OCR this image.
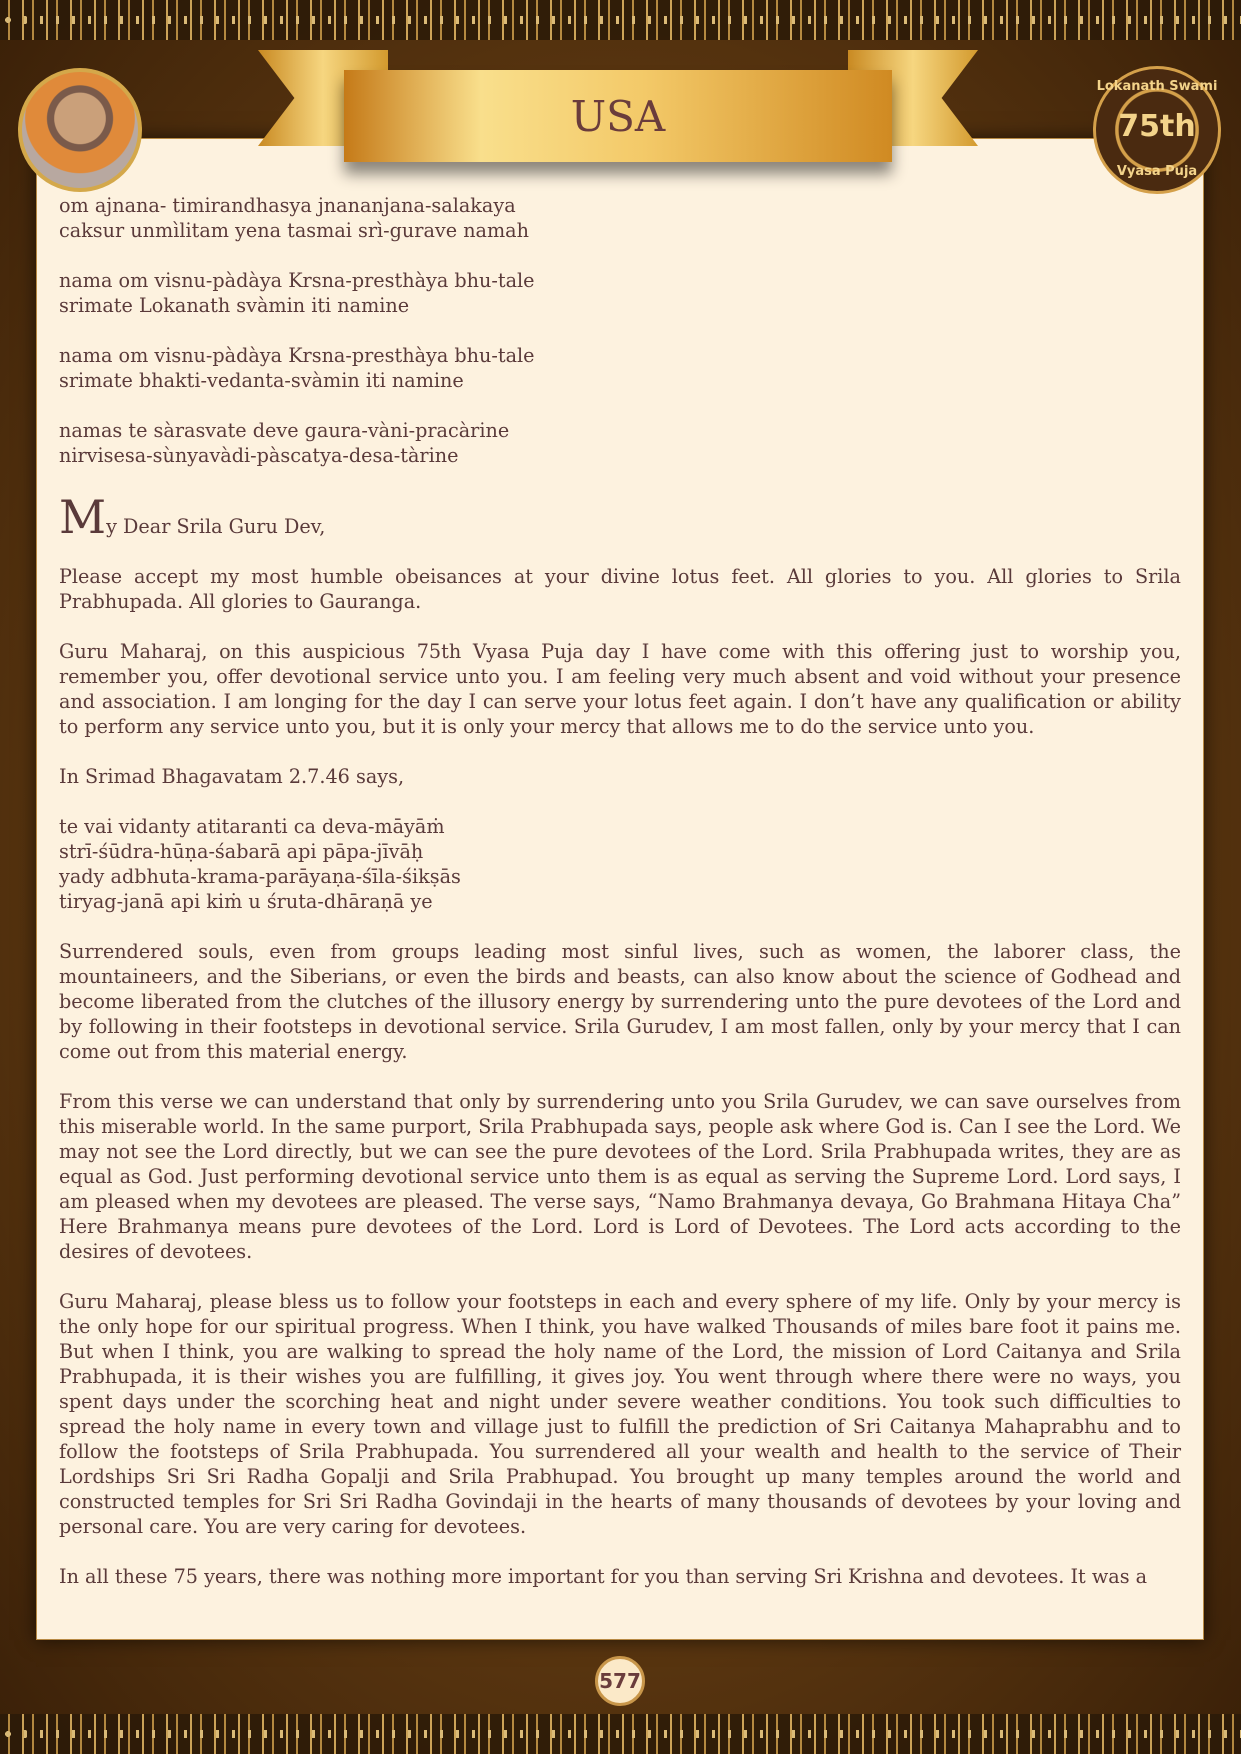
USA
Lokanath Swami
75th
Vyasa Puja
om ajnana- timirandhasya jnananjana-salakaya
caksur unmìlitam yena tasmai srì-gurave namah
nama om visnu-pàdàya Krsna-presthàya bhu-tale
srimate Lokanath svàmin iti namine
nama om visnu-pàdàya Krsna-presthàya bhu-tale
srimate bhakti-vedanta-svàmin iti namine
namas te sàrasvate deve gaura-vàni-pracàrine
nirvisesa-sùnyavàdi-pàscatya-desa-tàrine
My Dear Srila Guru Dev,

Please accept my most humble obeisances at your divine lotus feet. All glories to you. All glories to Srila Prabhupada. All glories to Gauranga.

Guru Maharaj, on this auspicious 75th Vyasa Puja day I have come with this offering just to worship you, remember you, offer devotional service unto you. I am feeling very much absent and void without your presence and association. I am longing for the day I can serve your lotus feet again. I don’t have any qualification or ability to perform any service unto you, but it is only your mercy that allows me to do the service unto you.

In Srimad Bhagavatam 2.7.46 says,

te vai vidanty atitaranti ca deva-māyāṁ
strī-śūdra-hūṇa-śabarā api pāpa-jīvāḥ
yady adbhuta-krama-parāyaṇa-śīla-śikṣās
tiryag-janā api kiṁ u śruta-dhāraṇā ye

Surrendered souls, even from groups leading most sinful lives, such as women, the laborer class, the mountaineers, and the Siberians, or even the birds and beasts, can also know about the science of Godhead and become liberated from the clutches of the illusory energy by surrendering unto the pure devotees of the Lord and by following in their footsteps in devotional service. Srila Gurudev, I am most fallen, only by your mercy that I can come out from this material energy.

From this verse we can understand that only by surrendering unto you Srila Gurudev, we can save ourselves from this miserable world. In the same purport, Srila Prabhupada says, people ask where God is. Can I see the Lord. We may not see the Lord directly, but we can see the pure devotees of the Lord. Srila Prabhupada writes, they are as equal as God. Just performing devotional service unto them is as equal as serving the Supreme Lord. Lord says, I am pleased when my devotees are pleased. The verse says, “Namo Brahmanya devaya, Go Brahmana Hitaya Cha” Here Brahmanya means pure devotees of the Lord. Lord is Lord of Devotees. The Lord acts according to the desires of devotees.

Guru Maharaj, please bless us to follow your footsteps in each and every sphere of my life. Only by your mercy is the only hope for our spiritual progress. When I think, you have walked Thousands of miles bare foot it pains me. But when I think, you are walking to spread the holy name of the Lord, the mission of Lord Caitanya and Srila Prabhupada, it is their wishes you are fulfilling, it gives joy. You went through where there were no ways, you spent days under the scorching heat and night under severe weather conditions. You took such difficulties to spread the holy name in every town and village just to fulfill the prediction of Sri Caitanya Mahaprabhu and to follow the footsteps of Srila Prabhupada. You surrendered all your wealth and health to the service of Their Lordships Sri Sri Radha Gopalji and Srila Prabhupad. You brought up many temples around the world and constructed temples for Sri Sri Radha Govindaji in the hearts of many thousands of devotees by your loving and personal care. You are very caring for devotees.

In all these 75 years, there was nothing more important for you than serving Sri Krishna and devotees. It was a

577
